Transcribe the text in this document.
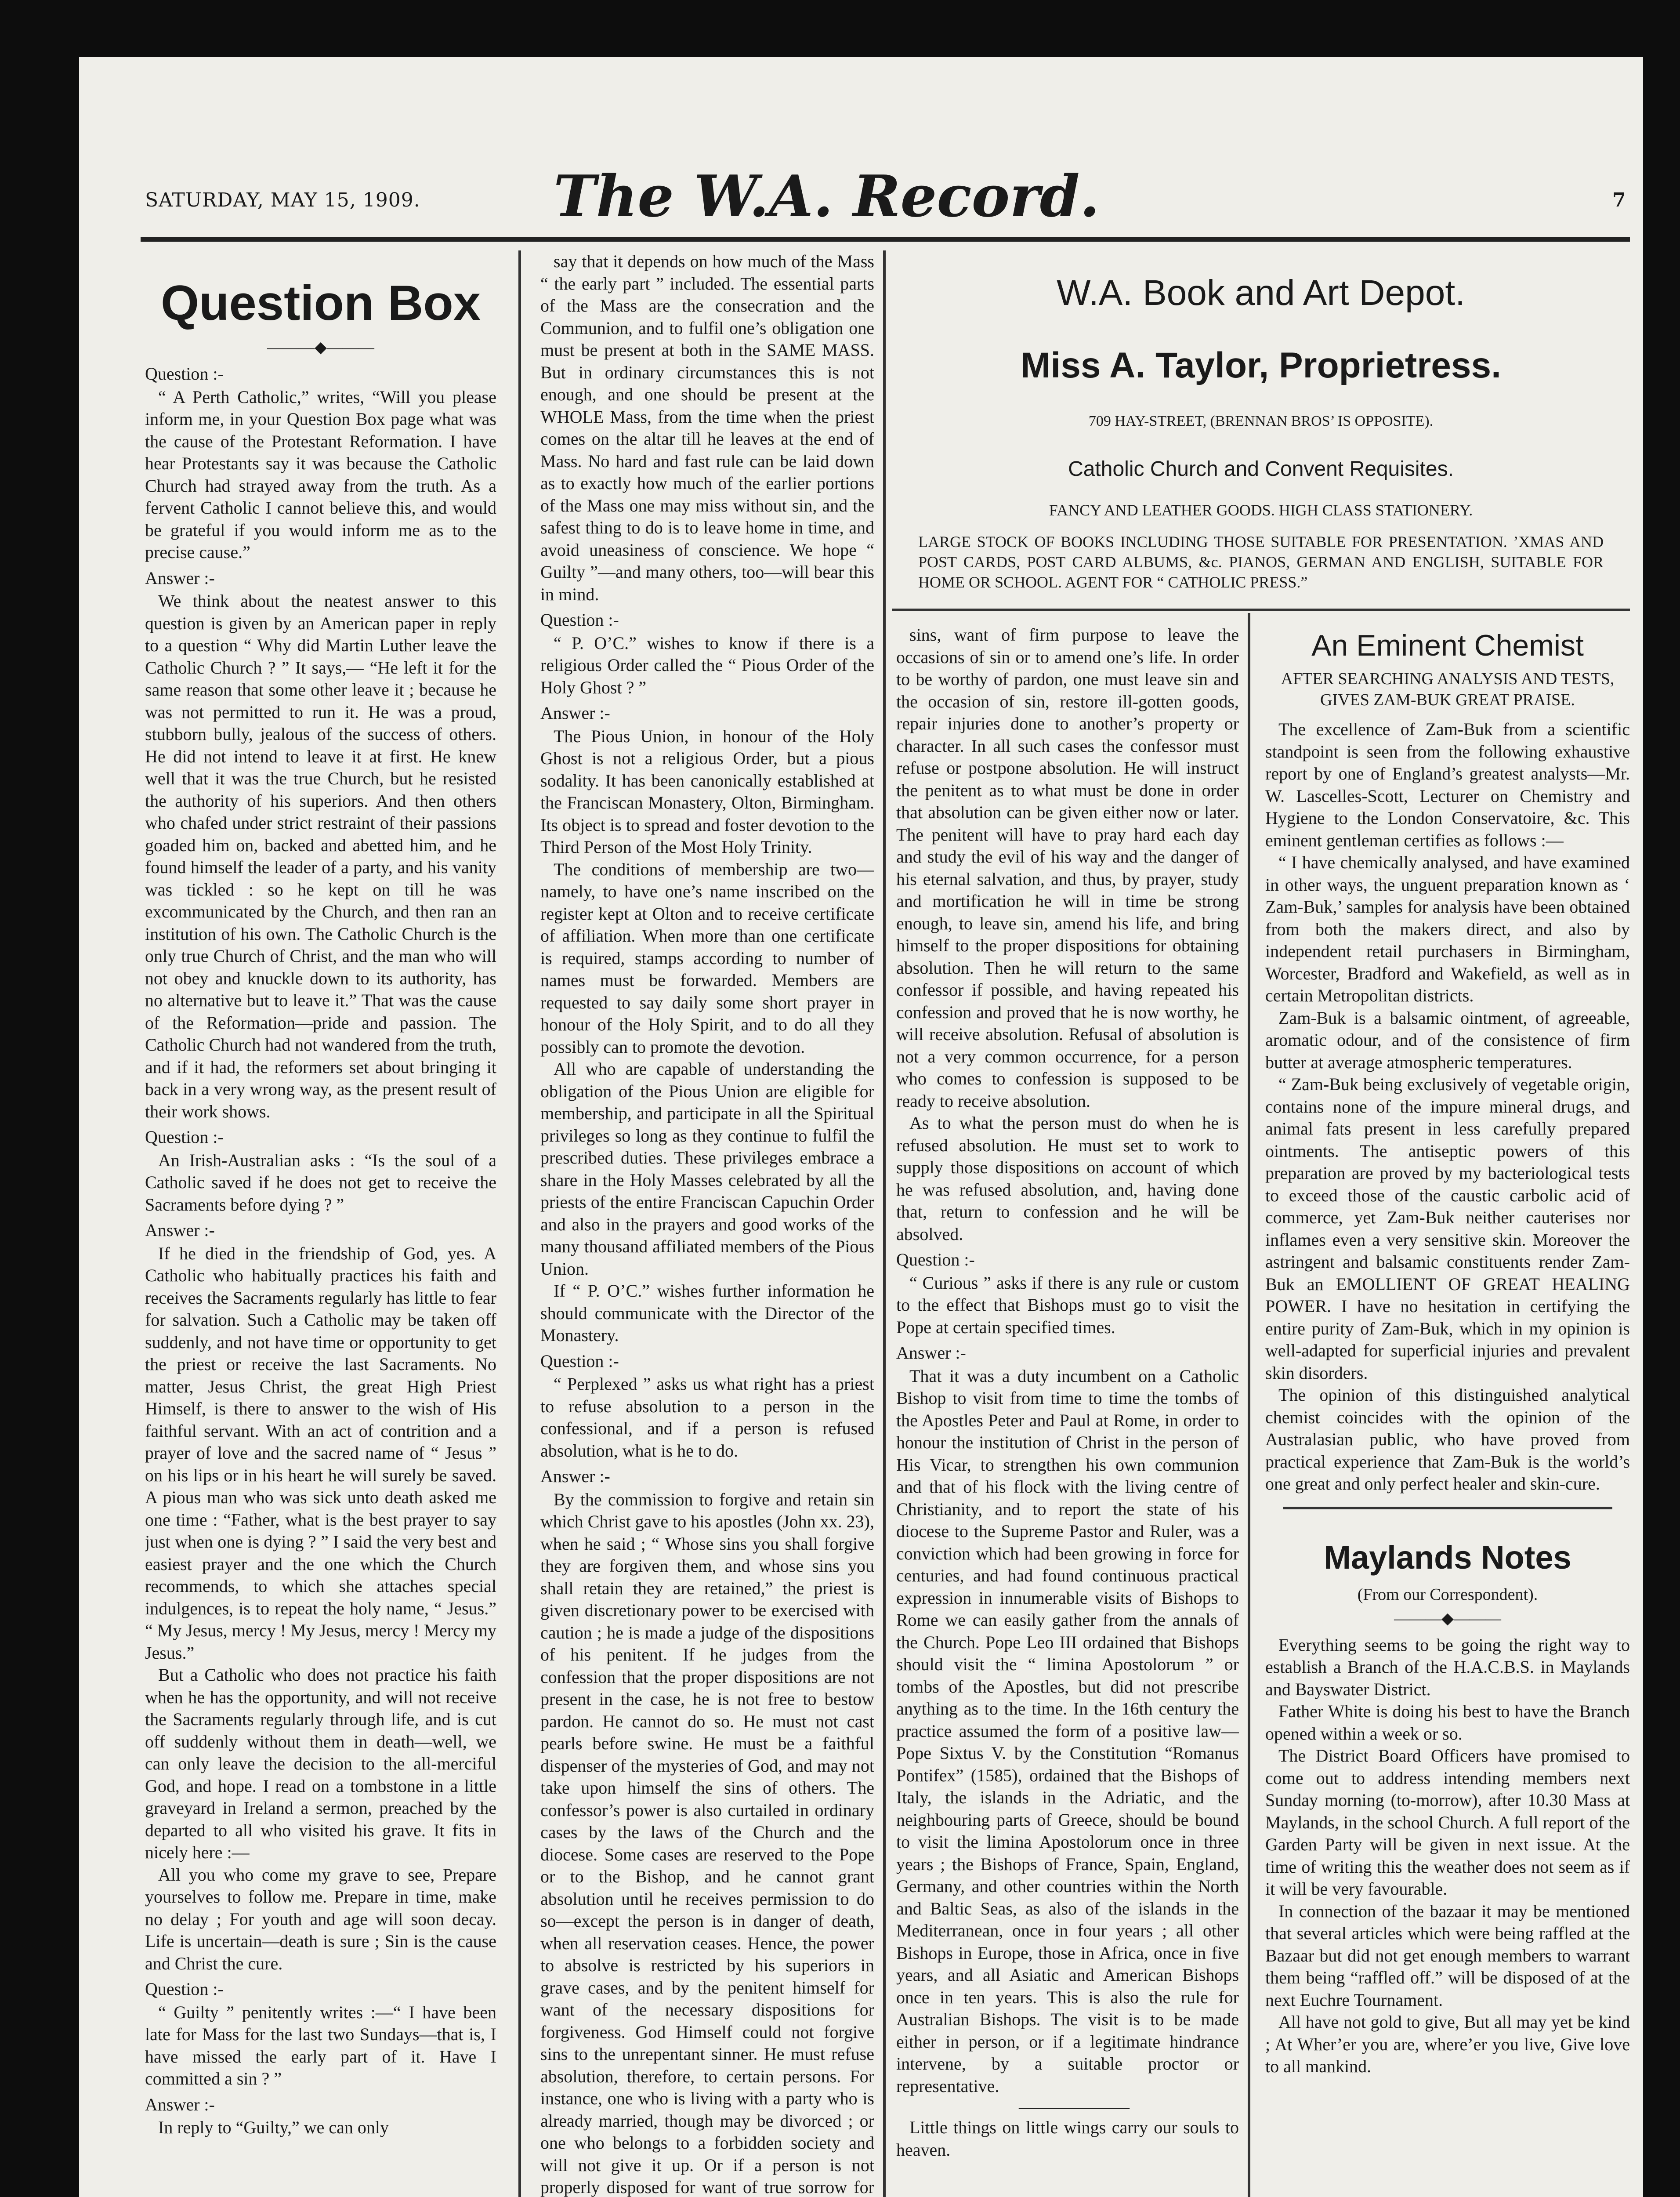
SATURDAY, MAY 15, 1909. The W.A. Record.	7
Question Box
———◆———

Question :-

“ A Perth Catholic,” writes, “Will you please inform me, in your Question Box page what was the cause of the Protestant Reformation. I have hear Protestants say it was because the Catholic Church had strayed away from the truth. As a fervent Catholic I cannot believe this, and would be grateful if you would inform me as to the precise cause.”

Answer :-

We think about the neatest answer to this question is given by an American paper in reply to a question “ Why did Martin Luther leave the Catholic Church ? ” It says,— “He left it for the same reason that some other leave it ; because he was not permitted to run it. He was a proud, stubborn bully, jealous of the success of others. He did not intend to leave it at first. He knew well that it was the true Church, but he resisted the authority of his superiors. And then others who chafed under strict restraint of their passions goaded him on, backed and abetted him, and he found himself the leader of a party, and his vanity was tickled : so he kept on till he was excommunicated by the Church, and then ran an institution of his own. The Catholic Church is the only true Church of Christ, and the man who will not obey and knuckle down to its authority, has no alternative but to leave it.” That was the cause of the Reformation—pride and passion. The Catholic Church had not wandered from the truth, and if it had, the reformers set about bringing it back in a very wrong way, as the present result of their work shows.

Question :-

An Irish-Australian asks : “Is the soul of a Catholic saved if he does not get to receive the Sacraments before dying ? ”

Answer :-

If he died in the friendship of God, yes. A Catholic who habitually practices his faith and receives the Sacraments regularly has little to fear for salvation. Such a Catholic may be taken off suddenly, and not have time or opportunity to get the priest or receive the last Sacraments. No matter, Jesus Christ, the great High Priest Himself, is there to answer to the wish of His faithful servant. With an act of contrition and a prayer of love and the sacred name of “ Jesus ” on his lips or in his heart he will surely be saved. A pious man who was sick unto death asked me one time : “Father, what is the best prayer to say just when one is dying ? ” I said the very best and easiest prayer and the one which the Church recommends, to which she attaches special indulgences, is to repeat the holy name, “ Jesus.” “ My Jesus, mercy ! My Jesus, mercy ! Mercy my Jesus.”

But a Catholic who does not practice his faith when he has the opportunity, and will not receive the Sacraments regularly through life, and is cut off suddenly without them in death—well, we can only leave the decision to the all-merciful God, and hope. I read on a tombstone in a little graveyard in Ireland a sermon, preached by the departed to all who visited his grave. It fits in nicely here :—

All you who come my grave to see, Prepare yourselves to follow me. Prepare in time, make no delay ; For youth and age will soon decay. Life is uncertain—death is sure ; Sin is the cause and Christ the cure.

Question :-

“ Guilty ” penitently writes :—“ I have been late for Mass for the last two Sundays—that is, I have missed the early part of it. Have I committed a sin ? ”

Answer :-

In reply to “Guilty,” we can only

say that it depends on how much of the Mass “ the early part ” included. The essential parts of the Mass are the consecration and the Communion, and to fulfil one’s obligation one must be present at both in the SAME MASS. But in ordinary circumstances this is not enough, and one should be present at the WHOLE Mass, from the time when the priest comes on the altar till he leaves at the end of Mass. No hard and fast rule can be laid down as to exactly how much of the earlier portions of the Mass one may miss without sin, and the safest thing to do is to leave home in time, and avoid uneasiness of conscience. We hope “ Guilty ”—and many others, too—will bear this in mind.

Question :-

“ P. O’C.” wishes to know if there is a religious Order called the “ Pious Order of the Holy Ghost ? ”

Answer :-

The Pious Union, in honour of the Holy Ghost is not a religious Order, but a pious sodality. It has been canonically established at the Franciscan Monastery, Olton, Birmingham. Its object is to spread and foster devotion to the Third Person of the Most Holy Trinity.

The conditions of membership are two—namely, to have one’s name inscribed on the register kept at Olton and to receive certificate of affiliation. When more than one certificate is required, stamps according to number of names must be forwarded. Members are requested to say daily some short prayer in honour of the Holy Spirit, and to do all they possibly can to promote the devotion.

All who are capable of understanding the obligation of the Pious Union are eligible for membership, and participate in all the Spiritual privileges so long as they continue to fulfil the prescribed duties. These privileges embrace a share in the Holy Masses celebrated by all the priests of the entire Franciscan Capuchin Order and also in the prayers and good works of the many thousand affiliated members of the Pious Union.

If “ P. O’C.” wishes further information he should communicate with the Director of the Monastery.

Question :-

“ Perplexed ” asks us what right has a priest to refuse absolution to a person in the confessional, and if a person is refused absolution, what is he to do.

Answer :-

By the commission to forgive and retain sin which Christ gave to his apostles (John xx. 23), when he said ; “ Whose sins you shall forgive they are forgiven them, and whose sins you shall retain they are retained,” the priest is given discretionary power to be exercised with caution ; he is made a judge of the dispositions of his penitent. If he judges from the confession that the proper dispositions are not present in the case, he is not free to bestow pardon. He cannot do so. He must not cast pearls before swine. He must be a faithful dispenser of the mysteries of God, and may not take upon himself the sins of others. The confessor’s power is also curtailed in ordinary cases by the laws of the Church and the diocese. Some cases are reserved to the Pope or to the Bishop, and he cannot grant absolution until he receives permission to do so—except the person is in danger of death, when all reservation ceases. Hence, the power to absolve is restricted by his superiors in grave cases, and by the penitent himself for want of the necessary dispositions for forgiveness. God Himself could not forgive sins to the unrepentant sinner. He must refuse absolution, therefore, to certain persons. For instance, one who is living with a party who is already married, though may be divorced ; or one who belongs to a forbidden society and will not give it up. Or if a person is not properly disposed for want of true sorrow for

W.A. Book and Art Depot.
Miss A. Taylor, Proprietress.
709 HAY-STREET, (BRENNAN BROS’ IS OPPOSITE).
Catholic Church and Convent Requisites.
FANCY AND LEATHER GOODS. HIGH CLASS STATIONERY.
LARGE STOCK OF BOOKS INCLUDING THOSE SUITABLE FOR PRESENTATION. ’XMAS AND POST CARDS, POST CARD ALBUMS, &c. PIANOS, GERMAN AND ENGLISH, SUITABLE FOR HOME OR SCHOOL. AGENT FOR “ CATHOLIC PRESS.”

sins, want of firm purpose to leave the occasions of sin or to amend one’s life. In order to be worthy of pardon, one must leave sin and the occasion of sin, restore ill-gotten goods, repair injuries done to another’s property or character. In all such cases the confessor must refuse or postpone absolution. He will instruct the penitent as to what must be done in order that absolution can be given either now or later. The penitent will have to pray hard each day and study the evil of his way and the danger of his eternal salvation, and thus, by prayer, study and mortification he will in time be strong enough, to leave sin, amend his life, and bring himself to the proper dispositions for obtaining absolution. Then he will return to the same confessor if possible, and having repeated his confession and proved that he is now worthy, he will receive absolution. Refusal of absolution is not a very common occurrence, for a person who comes to confession is supposed to be ready to receive absolution.

As to what the person must do when he is refused absolution. He must set to work to supply those dispositions on account of which he was refused absolution, and, having done that, return to confession and he will be absolved.

Question :-

“ Curious ” asks if there is any rule or custom to the effect that Bishops must go to visit the Pope at certain specified times.

Answer :-

That it was a duty incumbent on a Catholic Bishop to visit from time to time the tombs of the Apostles Peter and Paul at Rome, in order to honour the institution of Christ in the person of His Vicar, to strengthen his own communion and that of his flock with the living centre of Christianity, and to report the state of his diocese to the Supreme Pastor and Ruler, was a conviction which had been growing in force for centuries, and had found continuous practical expression in innumerable visits of Bishops to Rome we can easily gather from the annals of the Church. Pope Leo III ordained that Bishops should visit the “ limina Apostolorum ” or tombs of the Apostles, but did not prescribe anything as to the time. In the 16th century the practice assumed the form of a positive law—Pope Sixtus V. by the Constitution “Romanus Pontifex” (1585), ordained that the Bishops of Italy, the islands in the Adriatic, and the neighbouring parts of Greece, should be bound to visit the limina Apostolorum once in three years ; the Bishops of France, Spain, England, Germany, and other countries within the North and Baltic Seas, as also of the islands in the Mediterranean, once in four years ; all other Bishops in Europe, those in Africa, once in five years, and all Asiatic and American Bishops once in ten years. This is also the rule for Australian Bishops. The visit is to be made either in person, or if a legitimate hindrance intervene, by a suitable proctor or representative.

———————

Little things on little wings carry our souls to heaven.

An Eminent Chemist
AFTER SEARCHING ANALYSIS AND TESTS, GIVES ZAM-BUK GREAT PRAISE.

The excellence of Zam-Buk from a scientific standpoint is seen from the following exhaustive report by one of England’s greatest analysts—Mr. W. Lascelles-Scott, Lecturer on Chemistry and Hygiene to the London Conservatoire, &c. This eminent gentleman certifies as follows :—

“ I have chemically analysed, and have examined in other ways, the unguent preparation known as ‘ Zam-Buk,’ samples for analysis have been obtained from both the makers direct, and also by independent retail purchasers in Birmingham, Worcester, Bradford and Wakefield, as well as in certain Metropolitan districts.

Zam-Buk is a balsamic ointment, of agreeable, aromatic odour, and of the consistence of firm butter at average atmospheric temperatures.

“ Zam-Buk being exclusively of vegetable origin, contains none of the impure mineral drugs, and animal fats present in less carefully prepared ointments. The antiseptic powers of this preparation are proved by my bacteriological tests to exceed those of the caustic carbolic acid of commerce, yet Zam-Buk neither cauterises nor inflames even a very sensitive skin. Moreover the astringent and balsamic constituents render Zam-Buk an EMOLLIENT OF GREAT HEALING POWER. I have no hesitation in certifying the entire purity of Zam-Buk, which in my opinion is well-adapted for superficial injuries and prevalent skin disorders.

The opinion of this distinguished analytical chemist coincides with the opinion of the Australasian public, who have proved from practical experience that Zam-Buk is the world’s one great and only perfect healer and skin-cure.

Maylands Notes
(From our Correspondent).
———◆———

Everything seems to be going the right way to establish a Branch of the H.A.C.B.S. in Maylands and Bayswater District.

Father White is doing his best to have the Branch opened within a week or so.

The District Board Officers have promised to come out to address intending members next Sunday morning (to-morrow), after 10.30 Mass at Maylands, in the school Church. A full report of the Garden Party will be given in next issue. At the time of writing this the weather does not seem as if it will be very favourable.

In connection of the bazaar it may be mentioned that several articles which were being raffled at the Bazaar but did not get enough members to warrant them being “raffled off.” will be disposed of at the next Euchre Tournament.

All have not gold to give, But all may yet be kind ; At Wher’er you are, where’er you live, Give love to all mankind.
